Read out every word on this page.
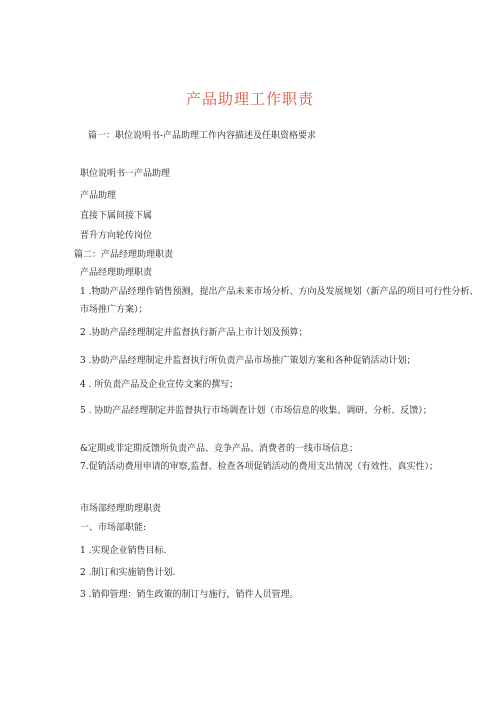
产品助理工作职责
篇一：职位说明书-产品助理工作内容描述及任职资格要求
职位说明书一产品助理
产品助理
直接下属间接下属
晋升方向轮传岗位
篇二：产品经理助理职责
产品经理助理职责
1 .物助产品经理作销售预测，提出产品未来市场分析、方向及发展规划（新产品的项目可行性分析、市场推广方案）；
2 .协助产品经理制定并监督执行新产品上市计划及预算；
3 .协助产品经理制定并监督执行所负责产品市场推广策划方案和各种促销活动计划；
4 . 所负责产品及企业宣传文案的撰写；
5 . 协助产品经理制定并监督执行市场调查计划（市场信息的收集、调研、分析、反馈）；
&定期或非定期反馈所负责产品、竞争产品、消费者的一线市场信息；
7.促销活动费用申请的审察,监督、检查各项促销活动的费用支出情况（有效性、真实性）；
市场部经理助理职责
一、市场部职能:
1 .实现企业销售目标.
2 .制订和实施销售计划.
3 .销仰管理：销生政策的制订与施行，销件人员管理。
